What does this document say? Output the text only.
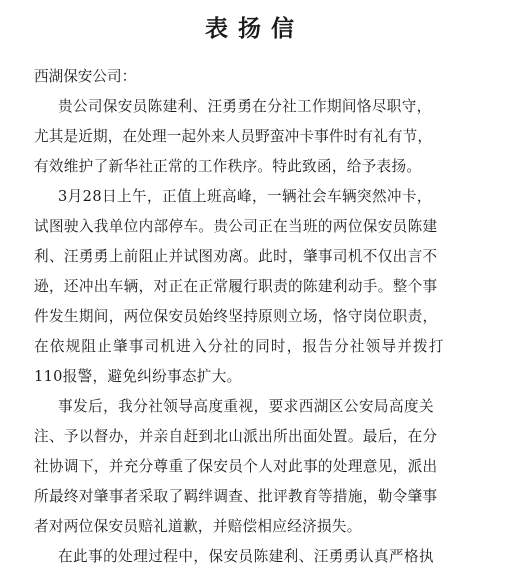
表扬信
西湖保安公司：
贵公司保安员陈建利、汪勇勇在分社工作期间恪尽职守，
尤其是近期，在处理一起外来人员野蛮冲卡事件时有礼有节，
有效维护了新华社正常的工作秩序。特此致函，给予表扬。
3月28日上午，正值上班高峰，一辆社会车辆突然冲卡，
试图驶入我单位内部停车。贵公司正在当班的两位保安员陈建
利、汪勇勇上前阻止并试图劝离。此时，肇事司机不仅出言不
逊，还冲出车辆，对正在正常履行职责的陈建利动手。整个事
件发生期间，两位保安员始终坚持原则立场，恪守岗位职责，
在依规阻止肇事司机进入分社的同时，报告分社领导并拨打
110报警，避免纠纷事态扩大。
事发后，我分社领导高度重视，要求西湖区公安局高度关
注、予以督办，并亲自赶到北山派出所出面处置。最后，在分
社协调下，并充分尊重了保安员个人对此事的处理意见，派出
所最终对肇事者采取了羁绊调查、批评教育等措施，勒令肇事
者对两位保安员赔礼道歉，并赔偿相应经济损失。
在此事的处理过程中，保安员陈建利、汪勇勇认真严格执
